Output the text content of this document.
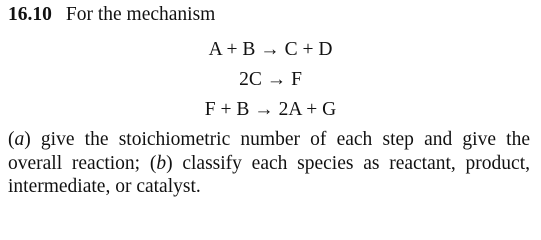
16.10 For the mechanism
A + B → C + D
2C → F
F + B → 2A + G
(a) give the stoichiometric number of each step and give the overall reaction; (b) classify each species as reactant, product, intermediate, or catalyst.
